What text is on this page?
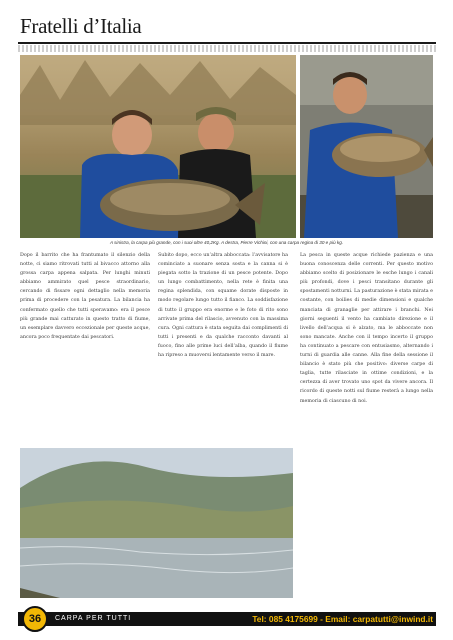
Fratelli d’Italia
A sinistra, la carpa più grande, con i suoi oltre 40,2Kg. A destra, Pierre Vichini, con una carpa regina di 30 e più kg.
Dopo il barrito che ha frantumato il silenzio della notte, ci siamo ritrovati tutti al bivacco attorno alla grossa carpa appena salpata. Per lunghi minuti abbiamo ammirato quel pesce straordinario, cercando di fissare ogni dettaglio nella memoria prima di procedere con la pesatura. La bilancia ha confermato quello che tutti speravamo: era il pesce più grande mai catturato in questo tratto di fiume, un esemplare davvero eccezionale per queste acque, ancora poco frequentate dai pescatori.
Subito dopo, ecco un’altra abboccata: l’avvisatore ha cominciato a suonare senza sosta e la canna si è piegata sotto la trazione di un pesce potente. Dopo un lungo combattimento, nella rete è finita una regina splendida, con squame dorate disposte in modo regolare lungo tutto il fianco. La soddisfazione di tutto il gruppo era enorme e le foto di rito sono arrivate prima del rilascio, avvenuto con la massima cura. Ogni cattura è stata seguita dai complimenti di tutti i presenti e da qualche racconto davanti al fuoco, fino alle prime luci dell’alba, quando il fiume ha ripreso a muoversi lentamente verso il mare.
La pesca in queste acque richiede pazienza e una buona conoscenza delle correnti. Per questo motivo abbiamo scelto di posizionare le esche lungo i canali più profondi, dove i pesci transitano durante gli spostamenti notturni. La pasturazione è stata mirata e costante, con boilies di medie dimensioni e qualche manciata di granaglie per attirare i branchi. Nei giorni seguenti il vento ha cambiato direzione e il livello dell’acqua si è alzato, ma le abboccate non sono mancate. Anche con il tempo incerto il gruppo ha continuato a pescare con entusiasmo, alternando i turni di guardia alle canne. Alla fine della sessione il bilancio è stato più che positivo: diverse carpe di taglia, tutte rilasciate in ottime condizioni, e la certezza di aver trovato uno spot da vivere ancora. Il ricordo di queste notti sul fiume resterà a lungo nella memoria di ciascuno di noi.
36	CARPA PER TUTTI	Tel: 085 4175699 - Email: carpatutti@inwind.it
